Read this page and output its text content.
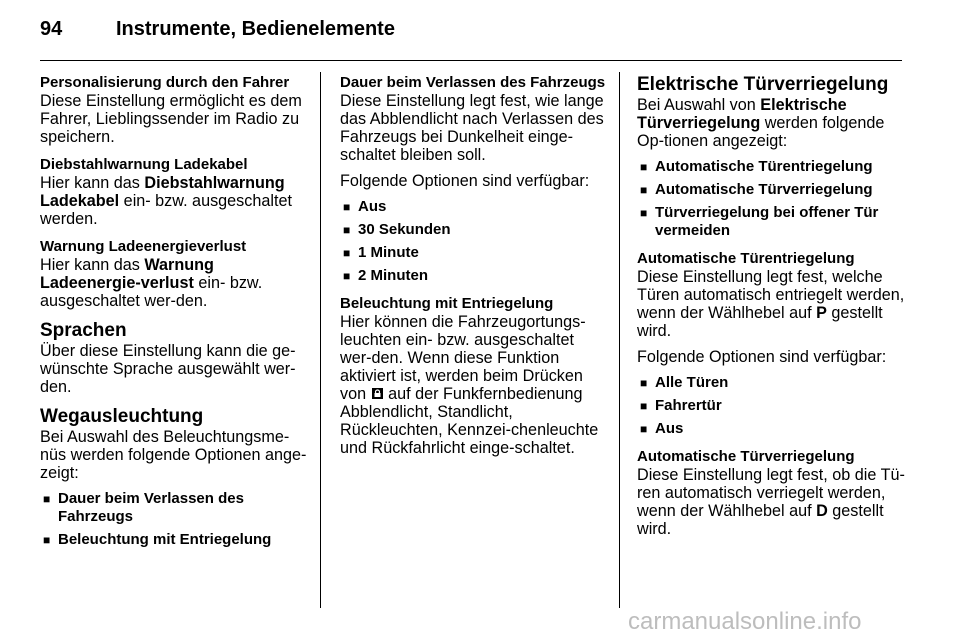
94	Instrumente, Bedienelemente
Personalisierung durch den Fahrer
Diese Einstellung ermöglicht es dem Fahrer, Lieblingssender im Radio zu speichern.
Diebstahlwarnung Ladekabel
Hier kann das Diebstahlwarnung Ladekabel ein- bzw. ausgeschaltet werden.
Warnung Ladeenergieverlust
Hier kann das Warnung Ladeenergie-verlust ein- bzw. ausgeschaltet wer-den.
Sprachen
Über diese Einstellung kann die ge-wünschte Sprache ausgewählt wer-den.
Wegausleuchtung
Bei Auswahl des Beleuchtungsme-nüs werden folgende Optionen ange-zeigt:
■ Dauer beim Verlassen des Fahrzeugs
■ Beleuchtung mit Entriegelung
Dauer beim Verlassen des Fahrzeugs
Diese Einstellung legt fest, wie lange das Abblendlicht nach Verlassen des Fahrzeugs bei Dunkelheit einge-schaltet bleiben soll.
Folgende Optionen sind verfügbar:
■ Aus
■ 30 Sekunden
■ 1 Minute
■ 2 Minuten
Beleuchtung mit Entriegelung
Hier können die Fahrzeugortungs-leuchten ein- bzw. ausgeschaltet wer-den. Wenn diese Funktion aktiviert ist, werden beim Drücken von  auf der Funkfernbedienung Abblendlicht, Standlicht, Rückleuchten, Kennzei-chenleuchte und Rückfahrlicht einge-schaltet.
Elektrische Türverriegelung
Bei Auswahl von Elektrische Türverriegelung werden folgende Op-tionen angezeigt:
■ Automatische Türentriegelung
■ Automatische Türverriegelung
■ Türverriegelung bei offener Tür vermeiden
Automatische Türentriegelung
Diese Einstellung legt fest, welche Türen automatisch entriegelt werden, wenn der Wählhebel auf P gestellt wird.
Folgende Optionen sind verfügbar:
■ Alle Türen
■ Fahrertür
■ Aus
Automatische Türverriegelung
Diese Einstellung legt fest, ob die Tü-ren automatisch verriegelt werden, wenn der Wählhebel auf D gestellt wird.
carmanualsonline.info
